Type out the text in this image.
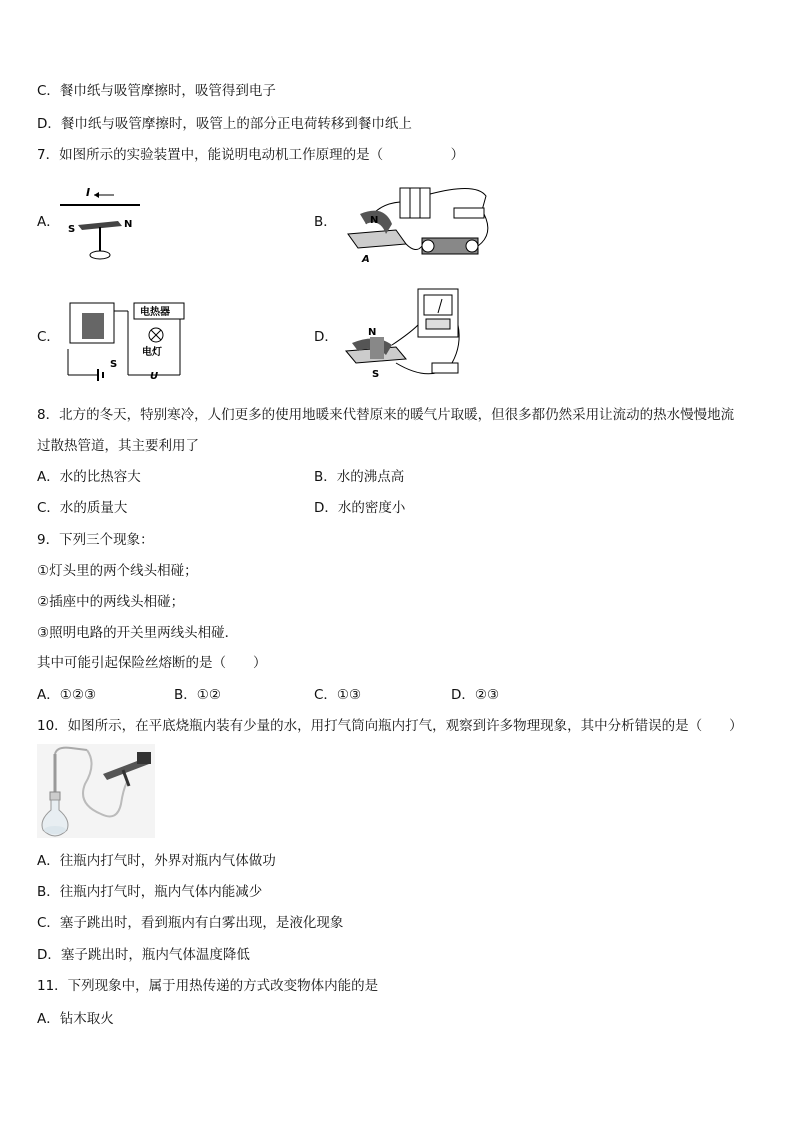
C．餐巾纸与吸管摩擦时，吸管得到电子
D．餐巾纸与吸管摩擦时，吸管上的部分正电荷转移到餐巾纸上
7．如图所示的实验装置中，能说明电动机工作原理的是（　　　　　）
A．
I
S	N	B．	N
A
C．
电热器
电灯
S
U
D．	N
S
8．北方的冬天，特别寒冷，人们更多的使用地暖来代替原来的暖气片取暖，但很多都仍然采用让流动的热水慢慢地流
过散热管道，其主要利用了
A．水的比热容大	B．水的沸点高
C．水的质量大	D．水的密度小
9．下列三个现象：
①灯头里的两个线头相碰；
②插座中的两线头相碰；
③照明电路的开关里两线头相碰．
其中可能引起保险丝熔断的是（　　）
A．①②③	B．①②	C．①③	D．②③
10．如图所示，在平底烧瓶内装有少量的水，用打气筒向瓶内打气，观察到许多物理现象，其中分析错误的是（　　）
A．往瓶内打气时，外界对瓶内气体做功
B．往瓶内打气时，瓶内气体内能减少
C．塞子跳出时，看到瓶内有白雾出现，是液化现象
D．塞子跳出时，瓶内气体温度降低
11．下列现象中，属于用热传递的方式改变物体内能的是
A．钻木取火
